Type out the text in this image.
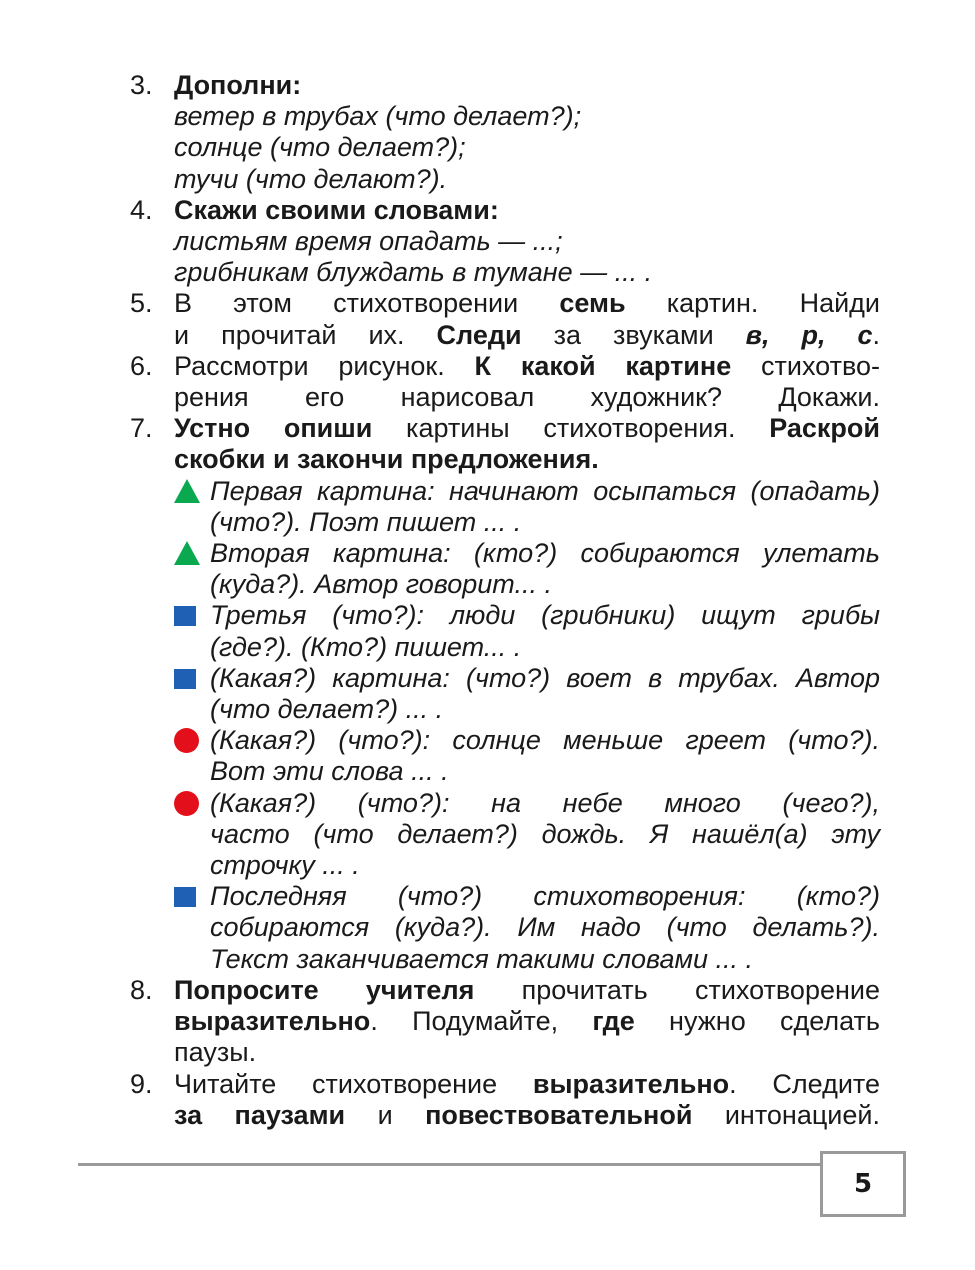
3. Дополни:
ветер в трубах (что делает?);
солнце (что делает?);
тучи (что делают?).
4. Скажи своими словами:
листьям время опадать — ...;
грибникам блуждать в тумане — ... .
5. В этом стихотворении семь картин. Найди
и прочитай их. Следи за звуками в, р, с.
6. Рассмотри рисунок. К какой картине стихотво-
рения его нарисовал художник? Докажи.
7. Устно опиши картины стихотворения. Раскрой
скобки и закончи предложения.
Первая картина: начинают осыпаться (опадать)
(что?). Поэт пишет ... .
Вторая картина: (кто?) собираются улетать
(куда?). Автор говорит... .
Третья (что?): люди (грибники) ищут грибы
(где?). (Кто?) пишет... .
(Какая?) картина: (что?) воет в трубах. Автор
(что делает?) ... .
(Какая?) (что?): солнце меньше греет (что?).
Вот эти слова ... .
(Какая?) (что?): на небе много (чего?),
часто (что делает?) дождь. Я нашёл(а) эту
строчку ... .
Последняя (что?) стихотворения: (кто?)
собираются (куда?). Им надо (что делать?).
Текст заканчивается такими словами ... .
8. Попросите учителя прочитать стихотворение
выразительно. Подумайте, где нужно сделать
паузы.
9. Читайте стихотворение выразительно. Следите
за паузами и повествовательной интонацией.
5
